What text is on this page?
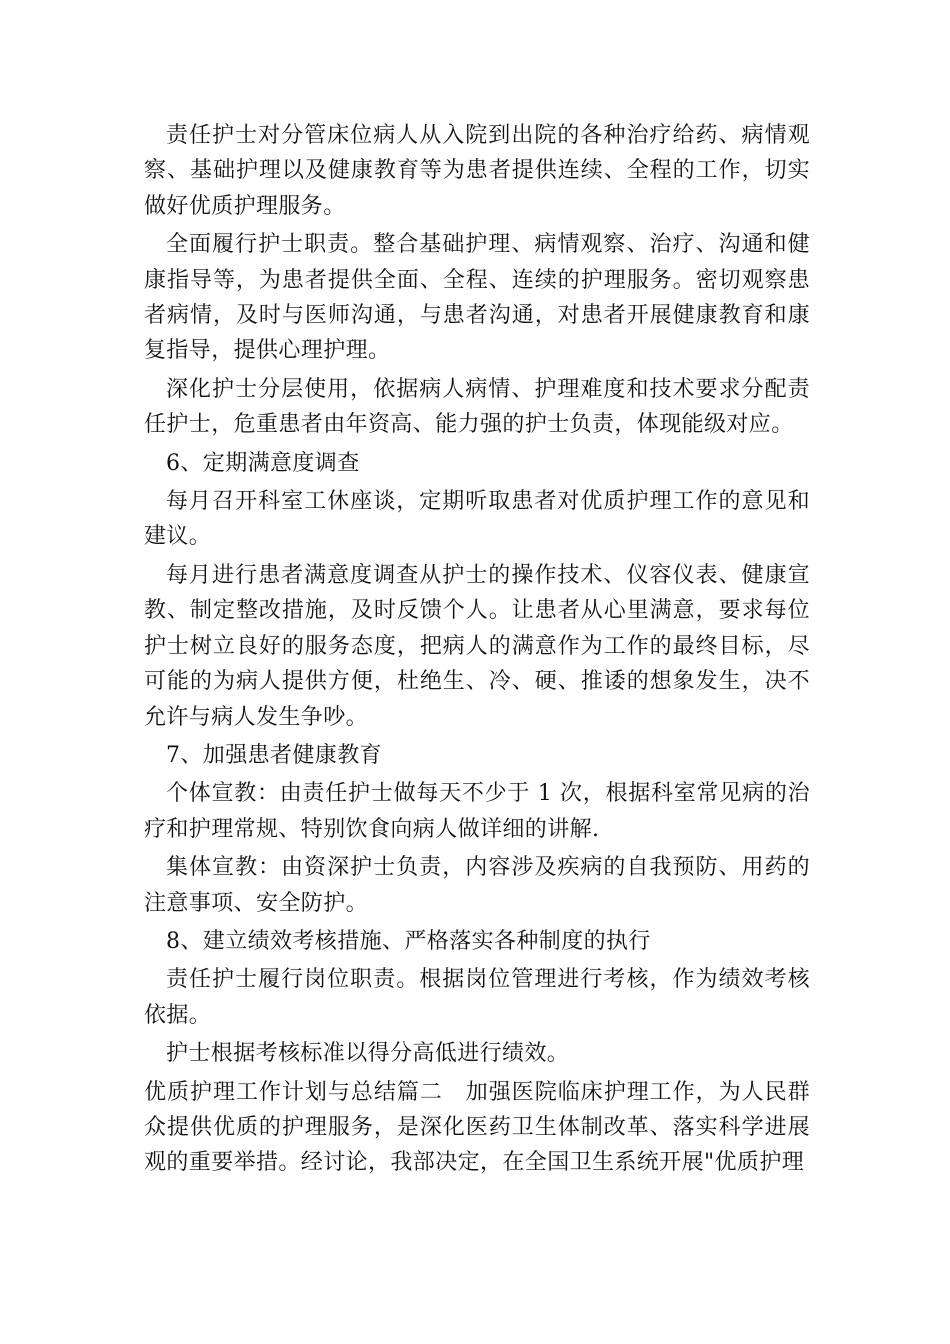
责任护士对分管床位病人从入院到出院的各种治疗给药、病情观察、基础护理以及健康教育等为患者提供连续、全程的工作，切实做好优质护理服务。

全面履行护士职责。整合基础护理、病情观察、治疗、沟通和健康指导等，为患者提供全面、全程、连续的护理服务。密切观察患者病情，及时与医师沟通，与患者沟通，对患者开展健康教育和康复指导，提供心理护理。

深化护士分层使用，依据病人病情、护理难度和技术要求分配责任护士，危重患者由年资高、能力强的护士负责，体现能级对应。

6、定期满意度调查

每月召开科室工休座谈，定期听取患者对优质护理工作的意见和建议。

每月进行患者满意度调查从护士的操作技术、仪容仪表、健康宣教、制定整改措施，及时反馈个人。让患者从心里满意，要求每位护士树立良好的服务态度，把病人的满意作为工作的最终目标，尽可能的为病人提供方便，杜绝生、冷、硬、推诿的想象发生，决不允许与病人发生争吵。

7、加强患者健康教育

个体宣教：由责任护士做每天不少于 1 次，根据科室常见病的治疗和护理常规、特别饮食向病人做详细的讲解.

集体宣教：由资深护士负责，内容涉及疾病的自我预防、用药的注意事项、安全防护。

8、建立绩效考核措施、严格落实各种制度的执行

责任护士履行岗位职责。根据岗位管理进行考核，作为绩效考核依据。

护士根据考核标准以得分高低进行绩效。

优质护理工作计划与总结篇二　加强医院临床护理工作，为人民群众提供优质的护理服务，是深化医药卫生体制改革、落实科学进展观的重要举措。经讨论，我部决定，在全国卫生系统开展"优质护理
